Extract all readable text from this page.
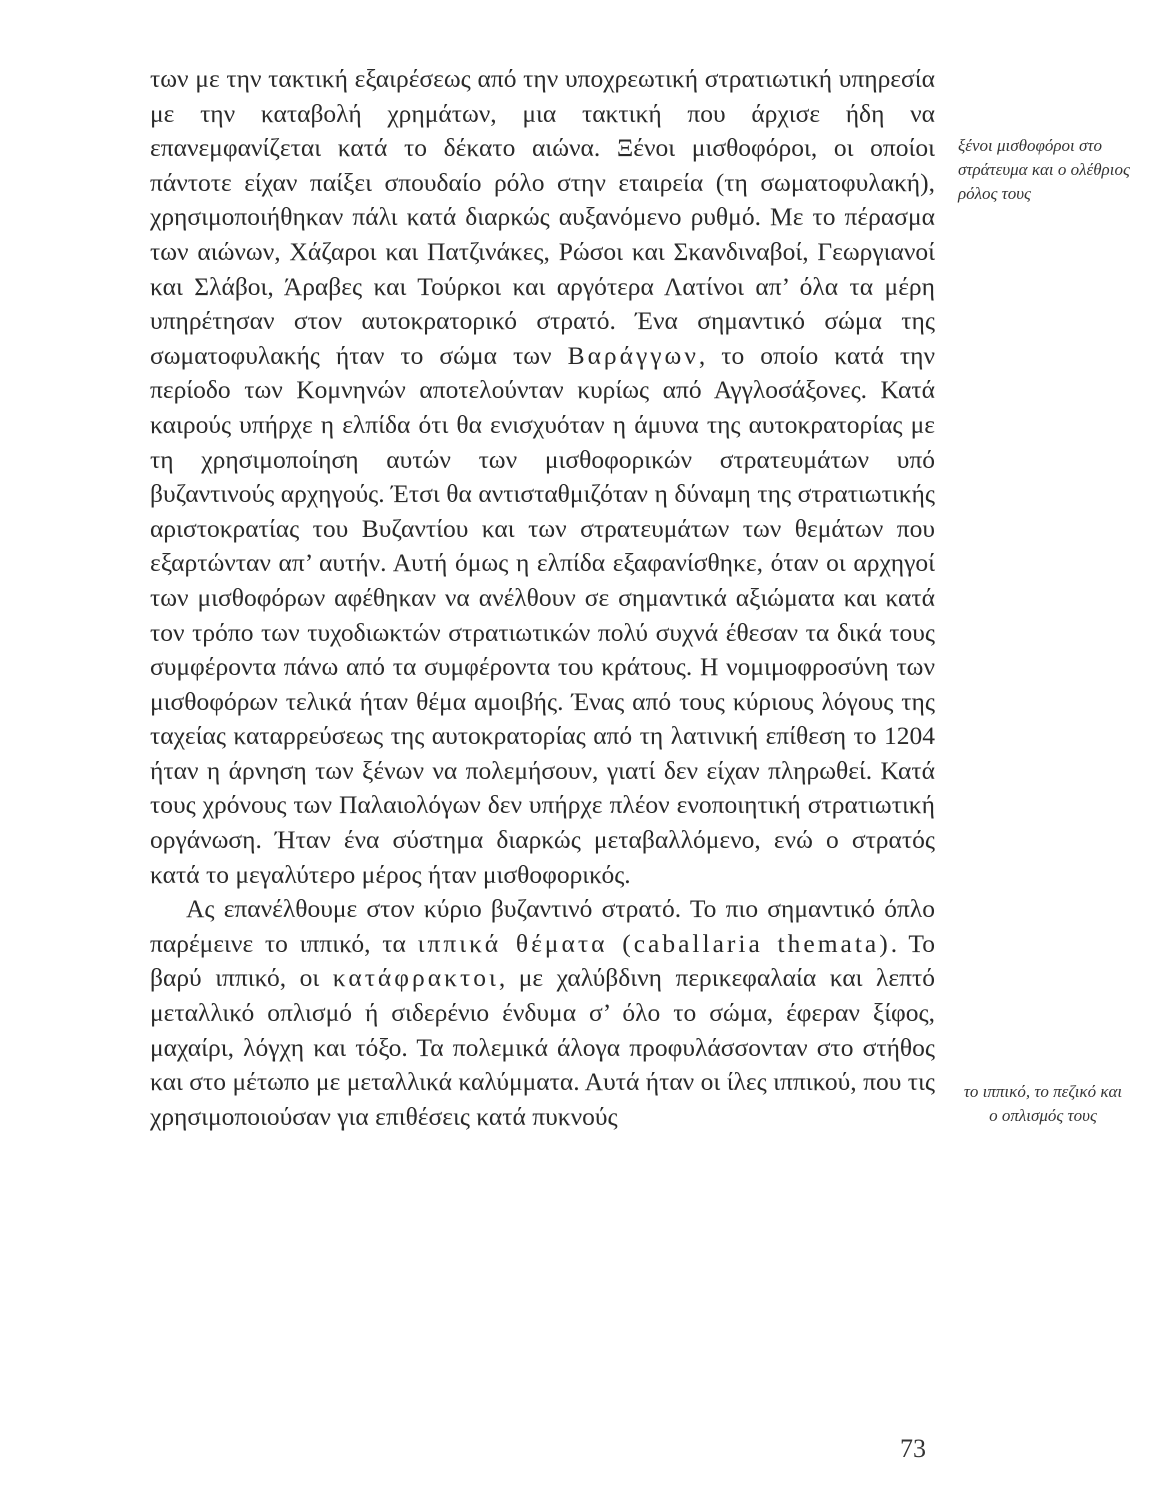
των με την τακτική εξαιρέσεως από την υποχρεωτική στρατιωτική υπηρεσία με την καταβολή χρημάτων, μια τακτική που άρχισε ήδη να επανεμφανίζεται κατά το δέκατο αιώνα. Ξένοι μισθοφόροι, οι οποίοι πάντοτε είχαν παίξει σπουδαίο ρόλο στην εταιρεία (τη σωματοφυλακή), χρησιμοποιήθηκαν πάλι κατά διαρκώς αυξανόμενο ρυθμό. Με το πέρασμα των αιώνων, Χάζαροι και Πατζινάκες, Ρώσοι και Σκανδιναβοί, Γεωργιανοί και Σλάβοι, Άραβες και Τούρκοι και αργότερα Λατίνοι απ’ όλα τα μέρη υπηρέτησαν στον αυτοκρατορικό στρατό. Ένα σημαντικό σώμα της σωματοφυλακής ήταν το σώμα των Βαράγγων, το οποίο κατά την περίοδο των Κομνηνών αποτελούνταν κυρίως από Αγγλοσάξονες. Κατά καιρούς υπήρχε η ελπίδα ότι θα ενισχυόταν η άμυνα της αυτοκρατορίας με τη χρησιμοποίηση αυτών των μισθοφορικών στρατευμάτων υπό βυζαντινούς αρχηγούς. Έτσι θα αντισταθμιζόταν η δύναμη της στρατιωτικής αριστοκρατίας του Βυζαντίου και των στρατευμάτων των θεμάτων που εξαρτώνταν απ’ αυτήν. Αυτή όμως η ελπίδα εξαφανίσθηκε, όταν οι αρχηγοί των μισθοφόρων αφέθηκαν να ανέλθουν σε σημαντικά αξιώματα και κατά τον τρόπο των τυχοδιωκτών στρατιωτικών πολύ συχνά έθεσαν τα δικά τους συμφέροντα πάνω από τα συμφέροντα του κράτους. Η νομιμοφροσύνη των μισθοφόρων τελικά ήταν θέμα αμοιβής. Ένας από τους κύριους λόγους της ταχείας καταρρεύσεως της αυτοκρατορίας από τη λατινική επίθεση το 1204 ήταν η άρνηση των ξένων να πολεμήσουν, γιατί δεν είχαν πληρωθεί. Κατά τους χρόνους των Παλαιολόγων δεν υπήρχε πλέον ενοποιητική στρατιωτική οργάνωση. Ήταν ένα σύστημα διαρκώς μεταβαλλόμενο, ενώ ο στρατός κατά το μεγαλύτερο μέρος ήταν μισθοφορικός.

Ας επανέλθουμε στον κύριο βυζαντινό στρατό. Το πιο σημαντικό όπλο παρέμεινε το ιππικό, τα ιππικά θέματα (caballaria themata). Το βαρύ ιππικό, οι κατάφρακτοι, με χαλύβδινη περικεφαλαία και λεπτό μεταλλικό οπλισμό ή σιδερένιο ένδυμα σ’ όλο το σώμα, έφεραν ξίφος, μαχαίρι, λόγχη και τόξο. Τα πολεμικά άλογα προφυλάσσονταν στο στήθος και στο μέτωπο με μεταλλικά καλύμματα. Αυτά ήταν οι ίλες ιππικού, που τις χρησιμοποιούσαν για επιθέσεις κατά πυκνούς

ξένοι μισθοφόροι στο στράτευμα και ο ολέθριος ρόλος τους
το ιππικό, το πεζικό και ο οπλισμός τους
73
